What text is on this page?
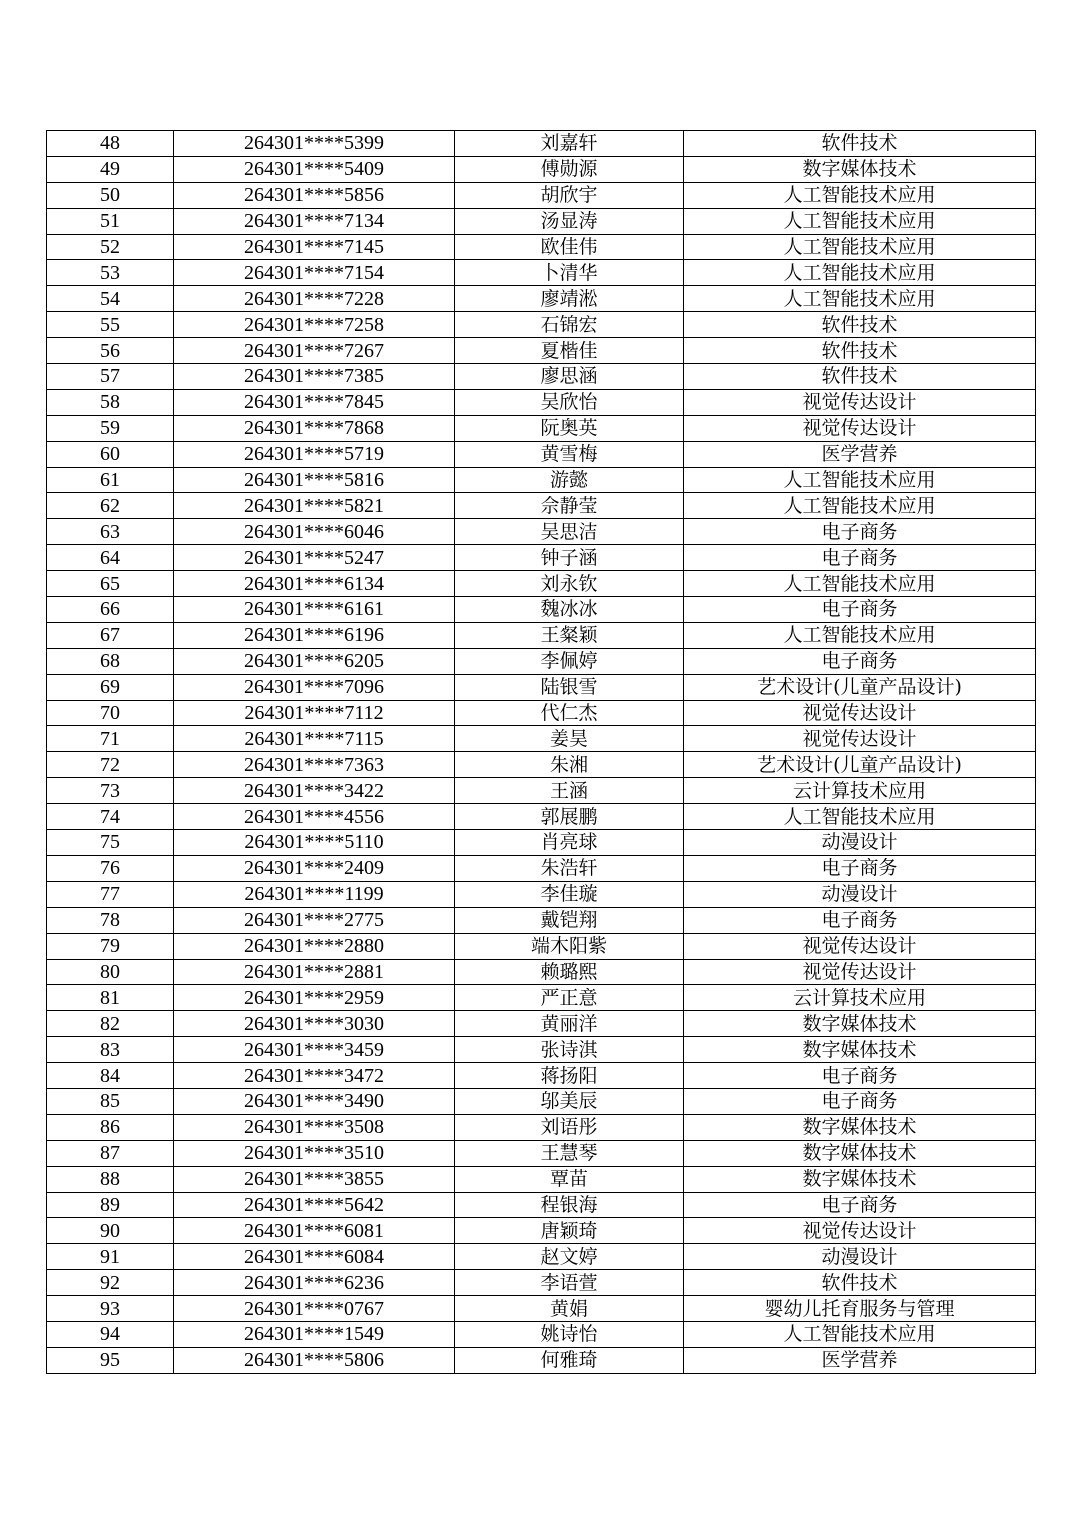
48	264301****5399	刘嘉轩	软件技术
49	264301****5409	傅勋源	数字媒体技术
50	264301****5856	胡欣宇	人工智能技术应用
51	264301****7134	汤显涛	人工智能技术应用
52	264301****7145	欧佳伟	人工智能技术应用
53	264301****7154	卜清华	人工智能技术应用
54	264301****7228	廖靖淞	人工智能技术应用
55	264301****7258	石锦宏	软件技术
56	264301****7267	夏楷佳	软件技术
57	264301****7385	廖思涵	软件技术
58	264301****7845	吴欣怡	视觉传达设计
59	264301****7868	阮奥英	视觉传达设计
60	264301****5719	黄雪梅	医学营养
61	264301****5816	游懿	人工智能技术应用
62	264301****5821	佘静莹	人工智能技术应用
63	264301****6046	吴思洁	电子商务
64	264301****5247	钟子涵	电子商务
65	264301****6134	刘永钦	人工智能技术应用
66	264301****6161	魏冰冰	电子商务
67	264301****6196	王粲颖	人工智能技术应用
68	264301****6205	李佩婷	电子商务
69	264301****7096	陆银雪	艺术设计(儿童产品设计)
70	264301****7112	代仁杰	视觉传达设计
71	264301****7115	姜昊	视觉传达设计
72	264301****7363	朱湘	艺术设计(儿童产品设计)
73	264301****3422	王涵	云计算技术应用
74	264301****4556	郭展鹏	人工智能技术应用
75	264301****5110	肖亮球	动漫设计
76	264301****2409	朱浩轩	电子商务
77	264301****1199	李佳璇	动漫设计
78	264301****2775	戴铠翔	电子商务
79	264301****2880	端木阳紫	视觉传达设计
80	264301****2881	赖璐熙	视觉传达设计
81	264301****2959	严正意	云计算技术应用
82	264301****3030	黄丽洋	数字媒体技术
83	264301****3459	张诗淇	数字媒体技术
84	264301****3472	蒋扬阳	电子商务
85	264301****3490	邬美辰	电子商务
86	264301****3508	刘语彤	数字媒体技术
87	264301****3510	王慧琴	数字媒体技术
88	264301****3855	覃苗	数字媒体技术
89	264301****5642	程银海	电子商务
90	264301****6081	唐颖琦	视觉传达设计
91	264301****6084	赵文婷	动漫设计
92	264301****6236	李语萱	软件技术
93	264301****0767	黄娟	婴幼儿托育服务与管理
94	264301****1549	姚诗怡	人工智能技术应用
95	264301****5806	何雅琦	医学营养
